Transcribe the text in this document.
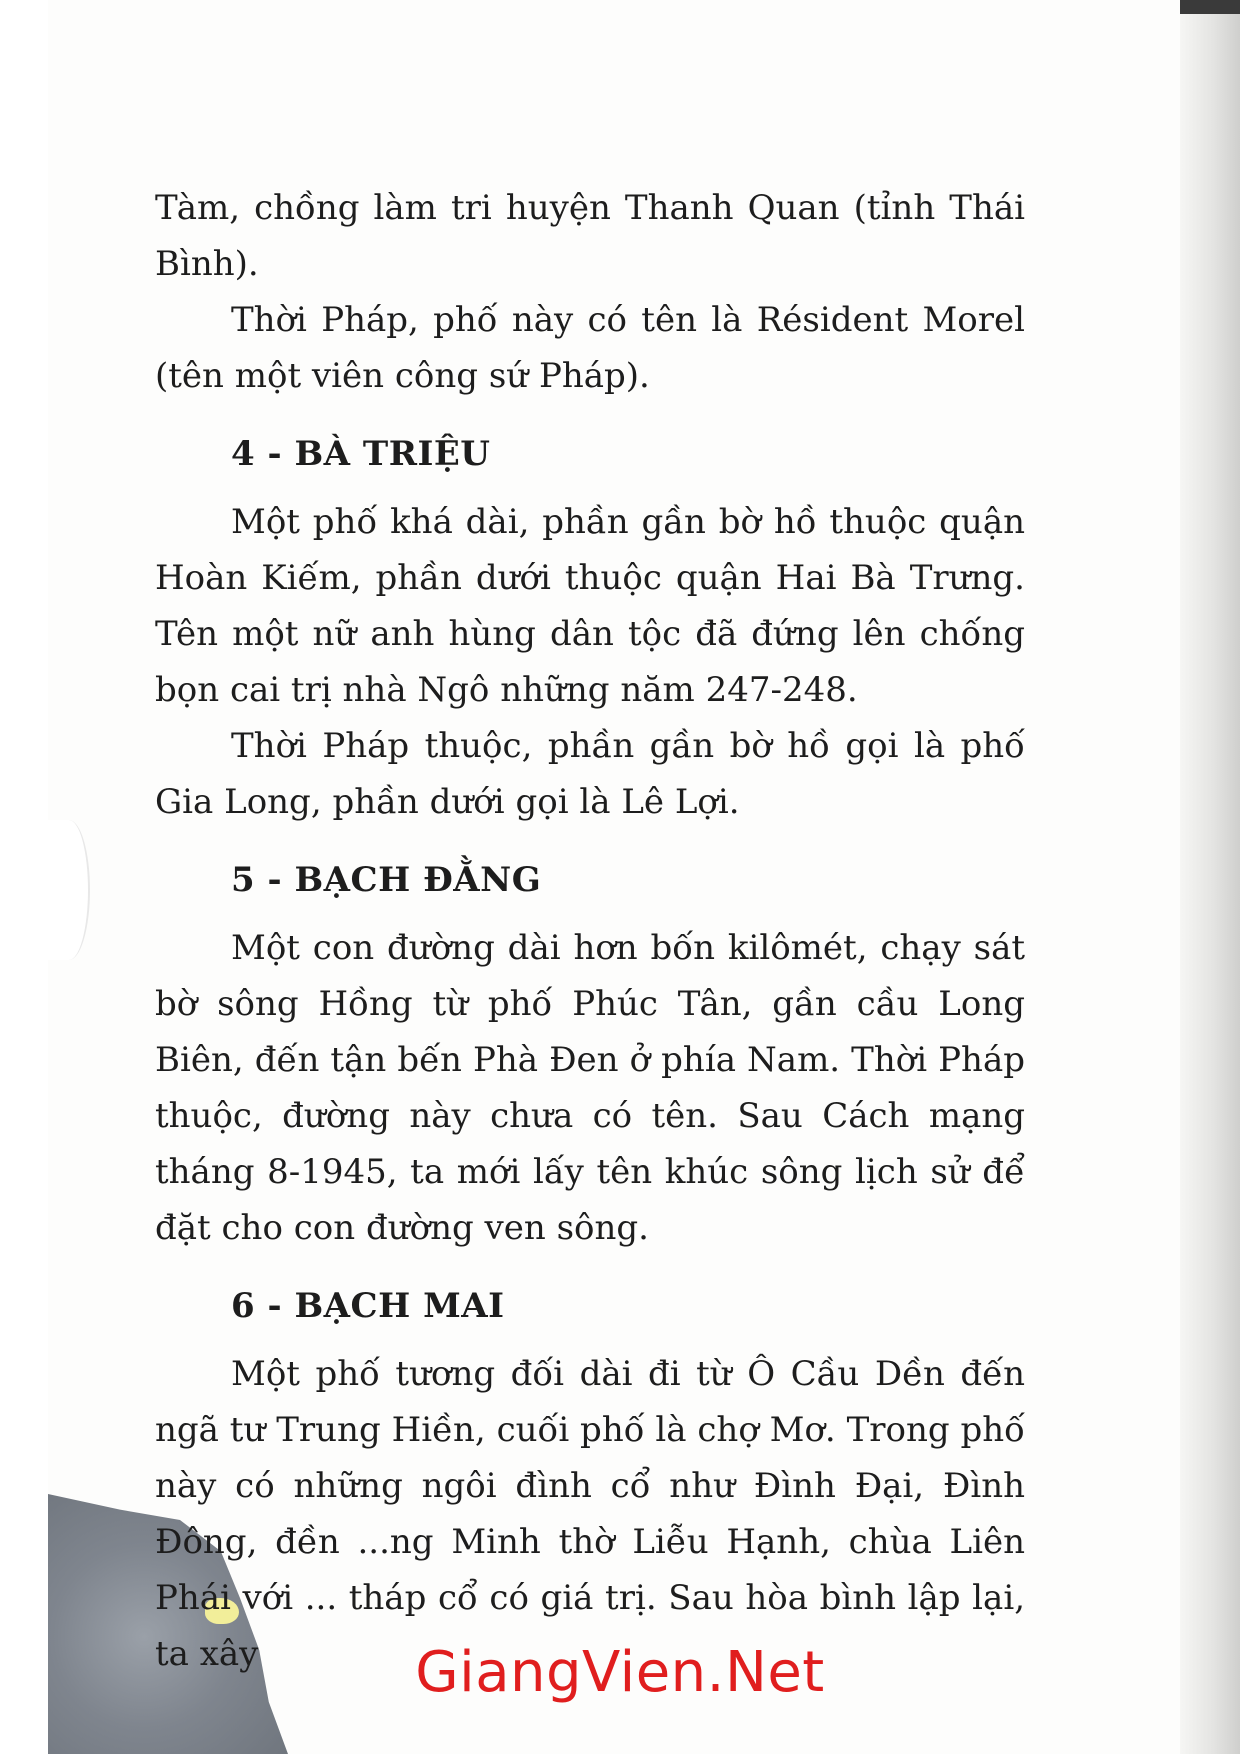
Tàm, chồng làm tri huyện Thanh Quan (tỉnh Thái Bình).

Thời Pháp, phố này có tên là Résident Morel (tên một viên công sứ Pháp).

4 - BÀ TRIỆU

Một phố khá dài, phần gần bờ hồ thuộc quận Hoàn Kiếm, phần dưới thuộc quận Hai Bà Trưng. Tên một nữ anh hùng dân tộc đã đứng lên chống bọn cai trị nhà Ngô những năm 247-248.

Thời Pháp thuộc, phần gần bờ hồ gọi là phố Gia Long, phần dưới gọi là Lê Lợi.

5 - BẠCH ĐẰNG

Một con đường dài hơn bốn kilômét, chạy sát bờ sông Hồng từ phố Phúc Tân, gần cầu Long Biên, đến tận bến Phà Đen ở phía Nam. Thời Pháp thuộc, đường này chưa có tên. Sau Cách mạng tháng 8-1945, ta mới lấy tên khúc sông lịch sử để đặt cho con đường ven sông.

6 - BẠCH MAI

Một phố tương đối dài đi từ Ô Cầu Dền đến ngã tư Trung Hiền, cuối phố là chợ Mơ. Trong phố này có những ngôi đình cổ như Đình Đại, Đình Đông, đền ...ng Minh thờ Liễu Hạnh, chùa Liên Phái với ... tháp cổ có giá trị. Sau hòa bình lập lại, ta xây	GiangVien.Net
